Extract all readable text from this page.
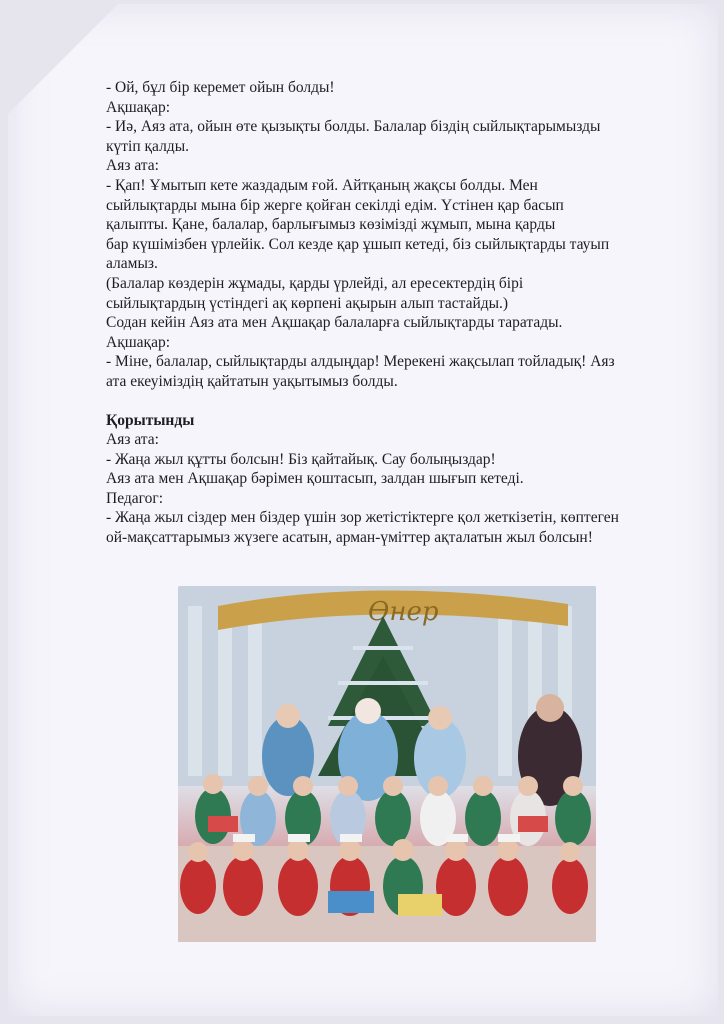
- Ой, бұл бір керемет ойын болды!

Ақшақар:

- Иә, Аяз ата, ойын өте қызықты болды. Балалар біздің сыйлықтарымызды

күтіп қалды.

Аяз ата:

- Қап! Ұмытып кете жаздадым ғой. Айтқаның жақсы болды. Мен

сыйлықтарды мына бір жерге қойған секілді едім. Үстінен қар басып

қалыпты. Қане, балалар, барлығымыз көзімізді жұмып, мына қарды

бар күшімізбен үрлейік. Сол кезде қар ұшып кетеді, біз сыйлықтарды тауып

аламыз.

(Балалар көздерін жұмады, қарды үрлейді, ал ересектердің бірі

сыйлықтардың үстіндегі ақ көрпені ақырын алып тастайды.)

Содан кейін Аяз ата мен Ақшақар балаларға сыйлықтарды таратады.

Ақшақар:

- Міне, балалар, сыйлықтарды алдыңдар! Мерекені жақсылап тойладық! Аяз

ата екеуіміздің қайтатын уақытымыз болды.

Қорытынды

Аяз ата:

- Жаңа жыл құтты болсын! Біз қайтайық. Сау болыңыздар!

Аяз ата мен Ақшақар бәрімен қоштасып, залдан шығып кетеді.

Педагог:

- Жаңа жыл сіздер мен біздер үшін зор жетістіктерге қол жеткізетін, көптеген

ой-мақсаттарымыз жүзеге асатын, арман-үміттер ақталатын жыл болсын!

Өнер
